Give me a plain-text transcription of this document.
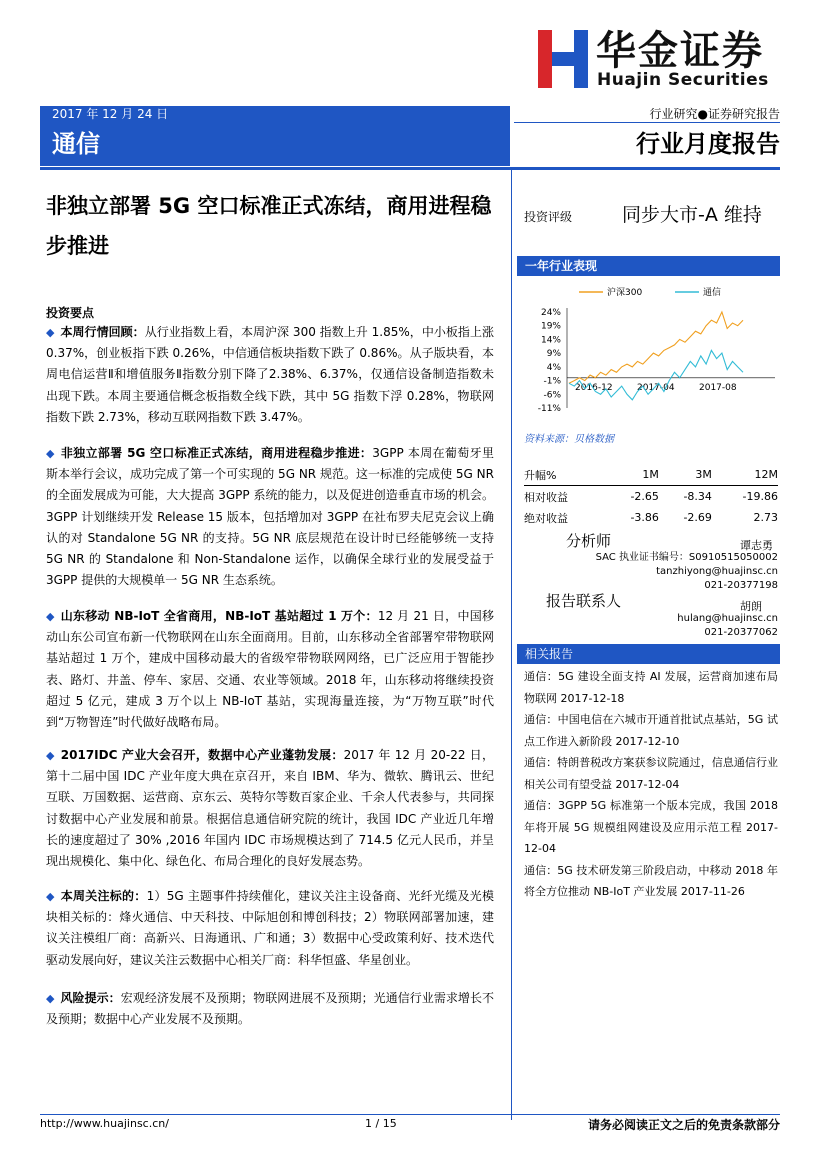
华金证券
Huajin Securities
2017 年 12 月 24 日	行业研究●证券研究报告
通信	行业月度报告
非独立部署 5G 空口标准正式冻结，商用进程稳步推进
投资要点
◆ 本周行情回顾：从行业指数上看，本周沪深 300 指数上升 1.85%，中小板指上涨 0.37%，创业板指下跌 0.26%，中信通信板块指数下跌了 0.86%。从子版块看，本周电信运营Ⅱ和增值服务Ⅱ指数分别下降了2.38%、6.37%，仅通信设备制造指数未出现下跌。本周主要通信概念板指数全线下跌，其中 5G 指数下浮 0.28%，物联网指数下跌 2.73%，移动互联网指数下跌 3.47%。
◆ 非独立部署 5G 空口标准正式冻结，商用进程稳步推进：3GPP 本周在葡萄牙里斯本举行会议，成功完成了第一个可实现的 5G NR 规范。这一标准的完成使 5G NR 的全面发展成为可能，大大提高 3GPP 系统的能力，以及促进创造垂直市场的机会。3GPP 计划继续开发 Release 15 版本，包括增加对 3GPP 在社布罗夫尼克会议上确认的对 Standalone 5G NR 的支持。5G NR 底层规范在设计时已经能够统一支持 5G NR 的 Standalone 和 Non-Standalone 运作，以确保全球行业的发展受益于 3GPP 提供的大规模单一 5G NR 生态系统。
◆ 山东移动 NB-IoT 全省商用，NB-IoT 基站超过 1 万个：12 月 21 日，中国移动山东公司宣布新一代物联网在山东全面商用。目前，山东移动全省部署窄带物联网基站超过 1 万个，建成中国移动最大的省级窄带物联网网络，已广泛应用于智能抄表、路灯、井盖、停车、家居、交通、农业等领域。2018 年，山东移动将继续投资超过 5 亿元，建成 3 万个以上 NB-IoT 基站，实现海量连接，为“万物互联”时代到“万物智连”时代做好战略布局。
◆ 2017IDC 产业大会召开，数据中心产业蓬勃发展：2017 年 12 月 20-22 日，第十二届中国 IDC 产业年度大典在京召开，来自 IBM、华为、微软、腾讯云、世纪互联、万国数据、运营商、京东云、英特尔等数百家企业、千余人代表参与，共同探讨数据中心产业发展和前景。根据信息通信研究院的统计，我国 IDC 产业近几年增长的速度超过了 30% ,2016 年国内 IDC 市场规模达到了 714.5 亿元人民币，并呈现出规模化、集中化、绿色化、布局合理化的良好发展态势。
◆ 本周关注标的：1）5G 主题事件持续催化，建议关注主设备商、光纤光缆及光模块相关标的：烽火通信、中天科技、中际旭创和博创科技；2）物联网部署加速，建议关注模组厂商：高新兴、日海通讯、广和通；3）数据中心受政策利好、技术迭代驱动发展向好，建议关注云数据中心相关厂商：科华恒盛、华星创业。
◆ 风险提示：宏观经济发展不及预期；物联网进展不及预期；光通信行业需求增长不及预期；数据中心产业发展不及预期。
投资评级	同步大市-A 维持
一年行业表现
沪深300	通信
24%
19%
14%
9%
4%
-1%
-6%
-11%
2016-12	2017-04	2017-08
资料来源：贝格数据
升幅%	1M	3M	12M
相对收益	-2.65	-8.34	-19.86
绝对收益	-3.86	-2.69	2.73
分析师	谭志勇
SAC 执业证书编号：S0910515050002
tanzhiyong@huajinsc.cn
021-20377198
报告联系人	胡朗
hulang@huajinsc.cn
021-20377062
相关报告
通信：5G 建设全面支持 AI 发展，运营商加速布局物联网 2017-12-18
通信：中国电信在六城市开通首批试点基站，5G 试点工作进入新阶段 2017-12-10
通信：特朗普税改方案获参议院通过，信息通信行业相关公司有望受益 2017-12-04
通信：3GPP 5G 标准第一个版本完成，我国 2018 年将开展 5G 规模组网建设及应用示范工程 2017-12-04
通信：5G 技术研发第三阶段启动，中移动 2018 年将全方位推动 NB-IoT 产业发展 2017-11-26
http://www.huajinsc.cn/	1 / 15	请务必阅读正文之后的免责条款部分
